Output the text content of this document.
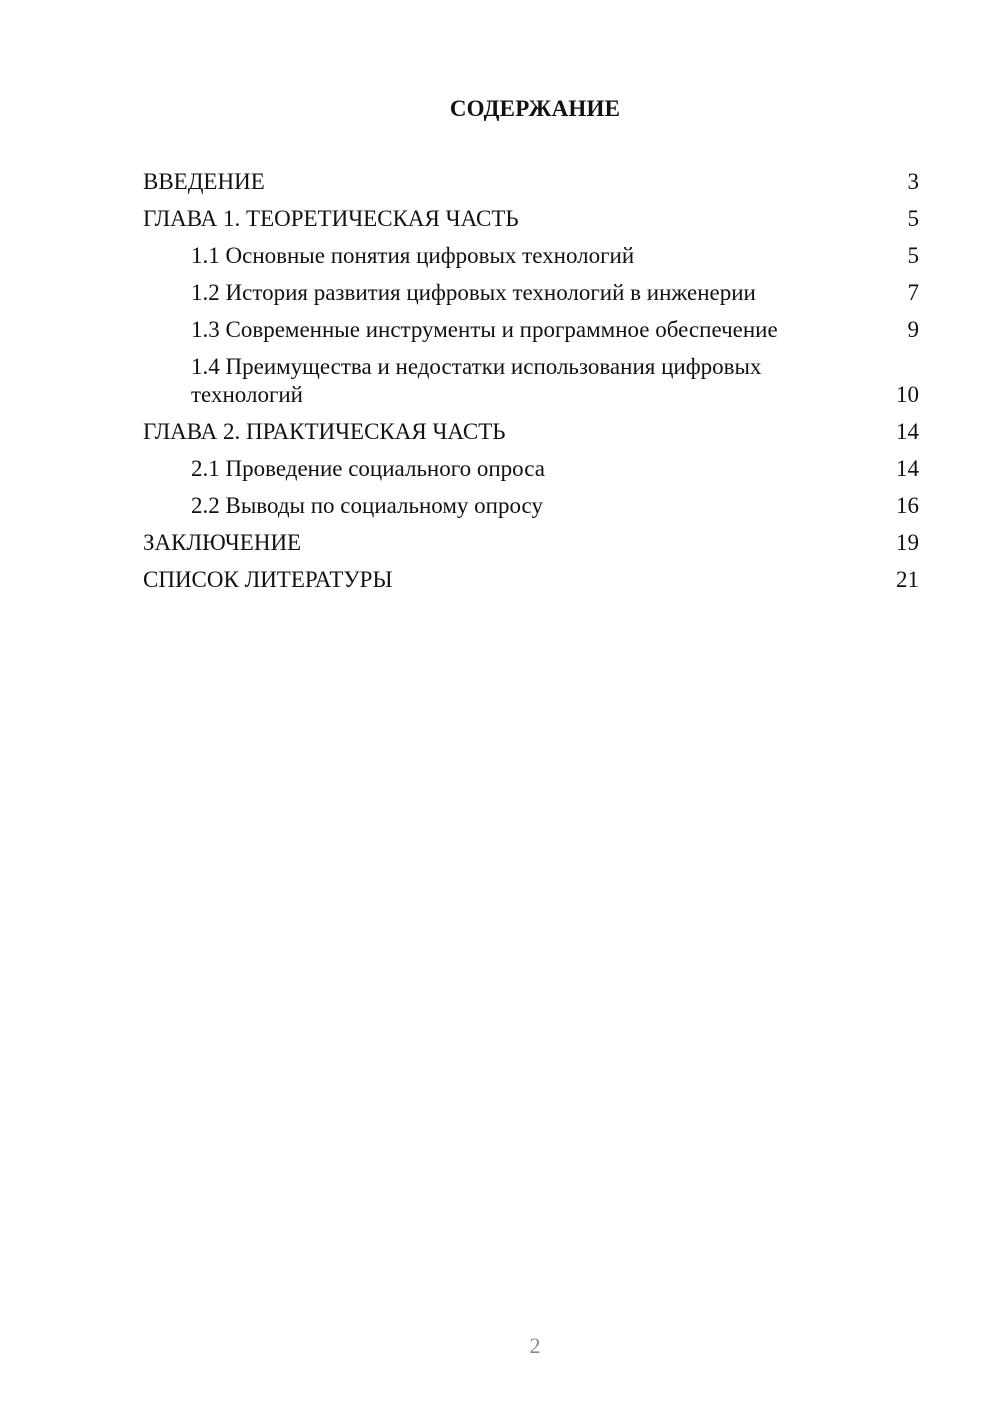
СОДЕРЖАНИЕ
ВВЕДЕНИЕ	3
ГЛАВА 1. ТЕОРЕТИЧЕСКАЯ ЧАСТЬ	5
1.1 Основные понятия цифровых технологий	5
1.2 История развития цифровых технологий в инженерии	7
1.3 Современные инструменты и программное обеспечение	9
1.4 Преимущества и недостатки использования цифровых технологий	10
ГЛАВА 2. ПРАКТИЧЕСКАЯ ЧАСТЬ	14
2.1 Проведение социального опроса	14
2.2 Выводы по социальному опросу	16
ЗАКЛЮЧЕНИЕ	19
СПИСОК ЛИТЕРАТУРЫ	21
2
